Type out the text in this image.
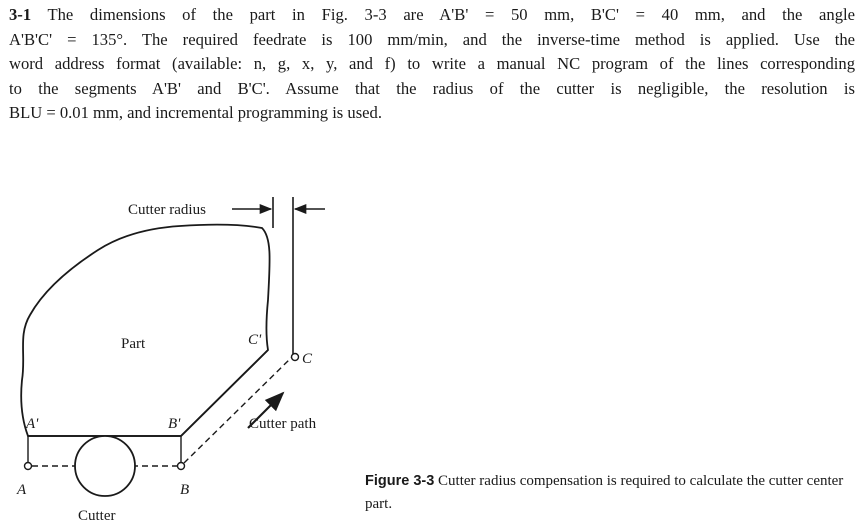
3-1 The dimensions of the part in Fig. 3-3 are A'B' = 50 mm, B'C' = 40 mm, and the angle
A'B'C' = 135°. The required feedrate is 100 mm/min, and the inverse-time method is applied. Use the
word address format (available: n, g, x, y, and f) to write a manual NC program of the lines corresponding
to the segments A'B' and B'C'. Assume that the radius of the cutter is negligible, the resolution is
BLU = 0.01 mm, and incremental programming is used.
Cutter radius
Part
A'	B'
C'
A	B
C
Cutter path
Cutter
Figure 3-3 Cutter radius compensation is required to calculate the cutter center part.
